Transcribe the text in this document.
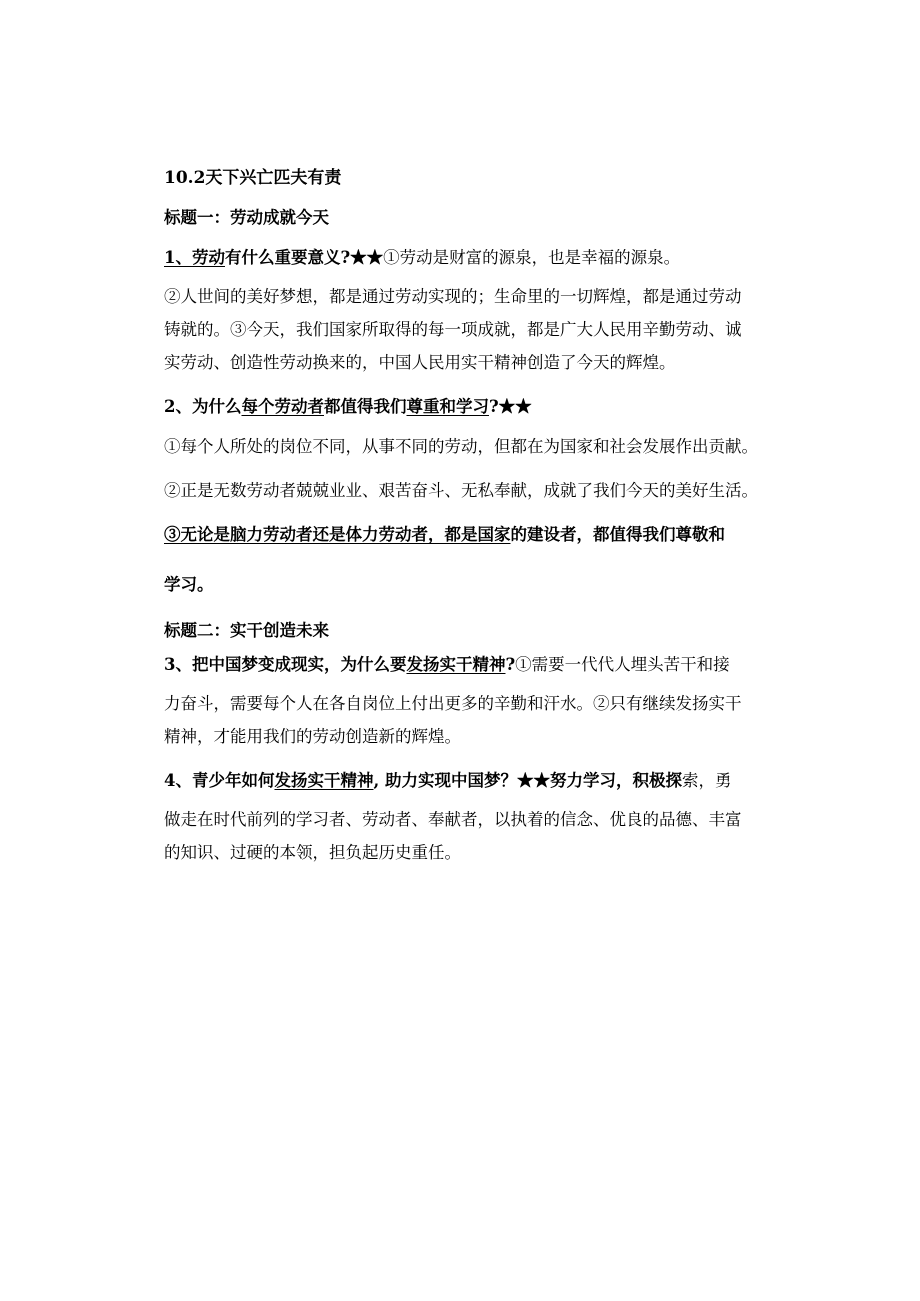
10.2天下兴亡匹夫有责
标题一：劳动成就今天
1、劳动有什么重要意义?★★①劳动是财富的源泉，也是幸福的源泉。
②人世间的美好梦想，都是通过劳动实现的；生命里的一切辉煌，都是通过劳动
铸就的。③今天，我们国家所取得的每一项成就，都是广大人民用辛勤劳动、诚
实劳动、创造性劳动换来的，中国人民用实干精神创造了今天的辉煌。
2、为什么每个劳动者都值得我们尊重和学习?★★
①每个人所处的岗位不同，从事不同的劳动，但都在为国家和社会发展作出贡献。
②正是无数劳动者兢兢业业、艰苦奋斗、无私奉献，成就了我们今天的美好生活。
③无论是脑力劳动者还是体力劳动者，都是国家的建设者，都值得我们尊敬和
学习。
标题二：实干创造未来
3、把中国梦变成现实，为什么要发扬实干精神?①需要一代代人埋头苦干和接
力奋斗，需要每个人在各自岗位上付出更多的辛勤和汗水。②只有继续发扬实干
精神，才能用我们的劳动创造新的辉煌。
4、青少年如何发扬实干精神, 助力实现中国梦？★★努力学习，积极探索，勇
做走在时代前列的学习者、劳动者、奉献者，以执着的信念、优良的品德、丰富
的知识、过硬的本领，担负起历史重任。
